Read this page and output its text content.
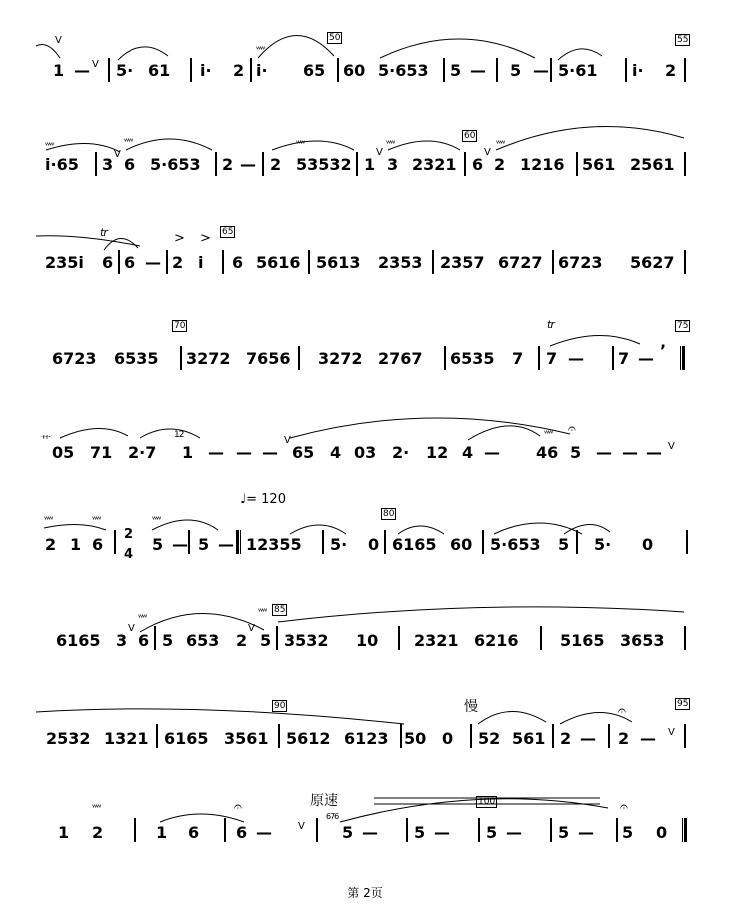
1 — V
V
5· 61 i· 2
ʷʷ
i· 65
50
60 5·653 5 — 5 — 5·61 i· 2
55
ʷʷ
i·65 3
V
ʷʷ
6 5·653 2 — 2
ʷʷ
53532 1
V
ʷʷ
3 2321
60
6
V
ʷʷ
2 1216 561 2561
235i
tr
6 6 —
>
2
>
i
65
6 5616 5613 2353 2357 6727 6723 5627
6723 6535
70
3272 7656 3272 2767 6535 7
tr
7 — 7 — ’
75
艹
05 71 2·7
12
1 — — —
V
65 4 03 2· 12 4 —
ʷʷ
46
𝄐
5 — — — V
♩= 120
ʷʷ
2 1
ʷʷ
6
2
4
ʷʷ
5 — 5 — 12355 5· 0
80
6165 60 5·653 5 5· 0
6165 3
V
ʷʷ
6 5 653 2
V
ʷʷ
5
85
3532 10 2321 6216	5165 3653
慢
2532 1321 6165 3561
90
5612 6123 50 0 52 561 2 —
𝄐
2 — V
95
原速
1
ʷʷ
2	1 6
𝄐
6 —	V
676
5 — 5 —
100
5 — 5 —
𝄐
5 0
第 2页
